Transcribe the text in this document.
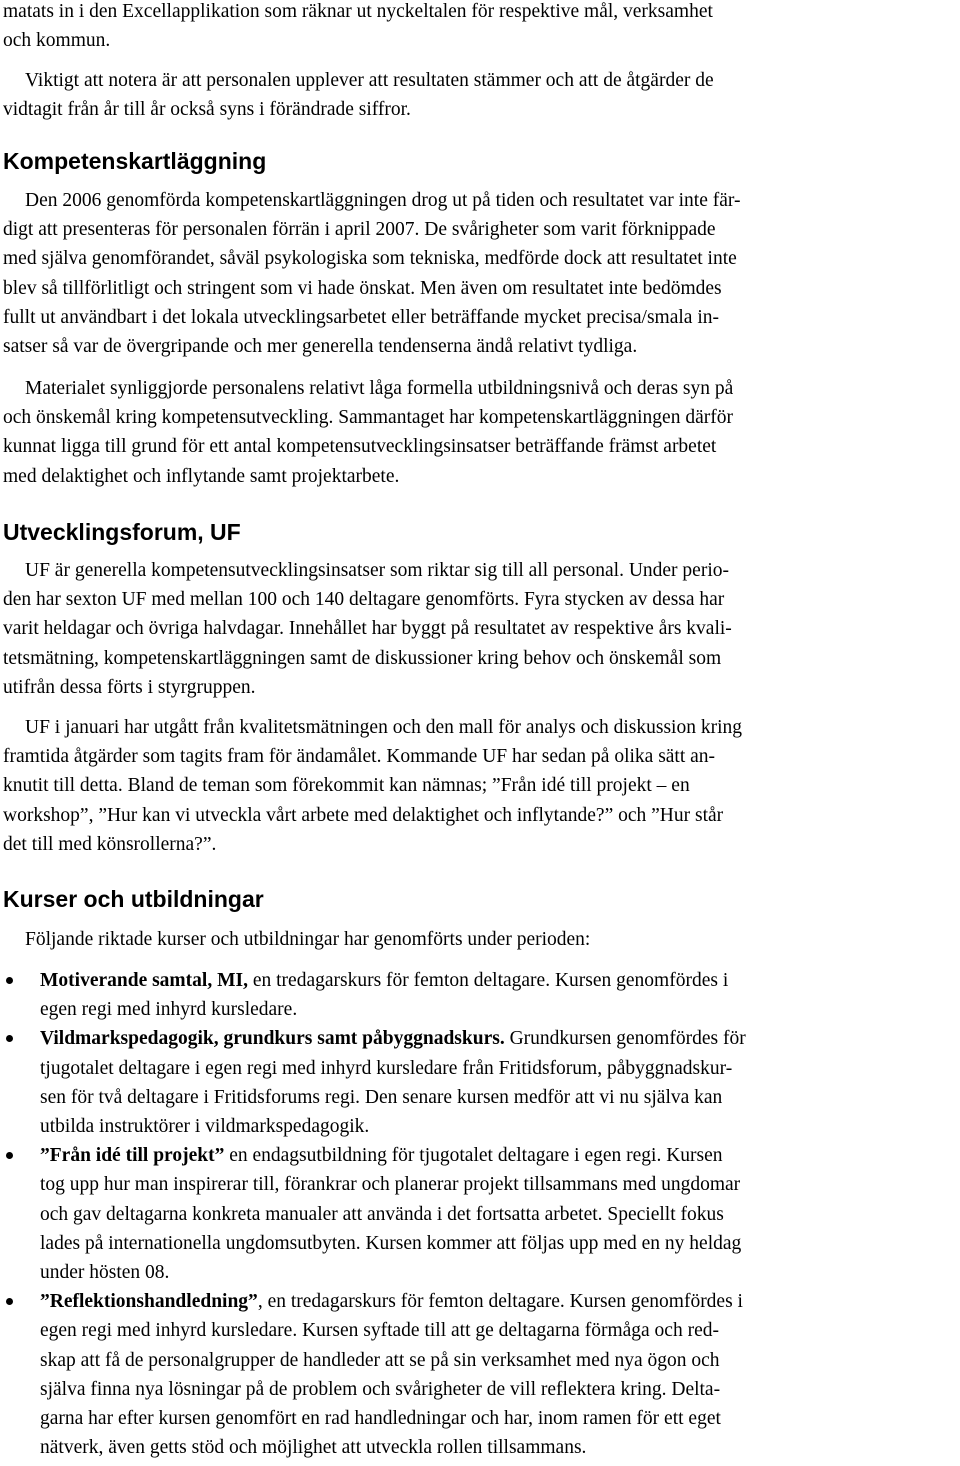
matats in i den Excellapplikation som räknar ut nyckeltalen för respektive mål, verksamhet
och kommun.
Viktigt att notera är att personalen upplever att resultaten stämmer och att de åtgärder de
vidtagit från år till år också syns i förändrade siffror.
Kompetenskartläggning
Den 2006 genomförda kompetenskartläggningen drog ut på tiden och resultatet var inte fär-
digt att presenteras för personalen förrän i april 2007. De svårigheter som varit förknippade
med själva genomförandet, såväl psykologiska som tekniska, medförde dock att resultatet inte
blev så tillförlitligt och stringent som vi hade önskat. Men även om resultatet inte bedömdes
fullt ut användbart i det lokala utvecklingsarbetet eller beträffande mycket precisa/smala in-
satser så var de övergripande och mer generella tendenserna ändå relativt tydliga.
Materialet synliggjorde personalens relativt låga formella utbildningsnivå och deras syn på
och önskemål kring kompetensutveckling. Sammantaget har kompetenskartläggningen därför
kunnat ligga till grund för ett antal kompetensutvecklingsinsatser beträffande främst arbetet
med delaktighet och inflytande samt projektarbete.
Utvecklingsforum, UF
UF är generella kompetensutvecklingsinsatser som riktar sig till all personal. Under perio-
den har sexton UF med mellan 100 och 140 deltagare genomförts. Fyra stycken av dessa har
varit heldagar och övriga halvdagar. Innehållet har byggt på resultatet av respektive års kvali-
tetsmätning, kompetenskartläggningen samt de diskussioner kring behov och önskemål som
utifrån dessa förts i styrgruppen.
UF i januari har utgått från kvalitetsmätningen och den mall för analys och diskussion kring
framtida åtgärder som tagits fram för ändamålet. Kommande UF har sedan på olika sätt an-
knutit till detta. Bland de teman som förekommit kan nämnas; ”Från idé till projekt – en
workshop”, ”Hur kan vi utveckla vårt arbete med delaktighet och inflytande?” och ”Hur står
det till med könsrollerna?”.
Kurser och utbildningar
Följande riktade kurser och utbildningar har genomförts under perioden:
Motiverande samtal, MI, en tredagarskurs för femton deltagare. Kursen genomfördes i
egen regi med inhyrd kursledare.
Vildmarkspedagogik, grundkurs samt påbyggnadskurs. Grundkursen genomfördes för
tjugotalet deltagare i egen regi med inhyrd kursledare från Fritidsforum, påbyggnadskur-
sen för två deltagare i Fritidsforums regi. Den senare kursen medför att vi nu själva kan
utbilda instruktörer i vildmarkspedagogik.
”Från idé till projekt” en endagsutbildning för tjugotalet deltagare i egen regi. Kursen
tog upp hur man inspirerar till, förankrar och planerar projekt tillsammans med ungdomar
och gav deltagarna konkreta manualer att använda i det fortsatta arbetet. Speciellt fokus
lades på internationella ungdomsutbyten. Kursen kommer att följas upp med en ny heldag
under hösten 08.
”Reflektionshandledning”, en tredagarskurs för femton deltagare. Kursen genomfördes i
egen regi med inhyrd kursledare. Kursen syftade till att ge deltagarna förmåga och red-
skap att få de personalgrupper de handleder att se på sin verksamhet med nya ögon och
själva finna nya lösningar på de problem och svårigheter de vill reflektera kring. Delta-
garna har efter kursen genomfört en rad handledningar och har, inom ramen för ett eget
nätverk, även getts stöd och möjlighet att utveckla rollen tillsammans.
